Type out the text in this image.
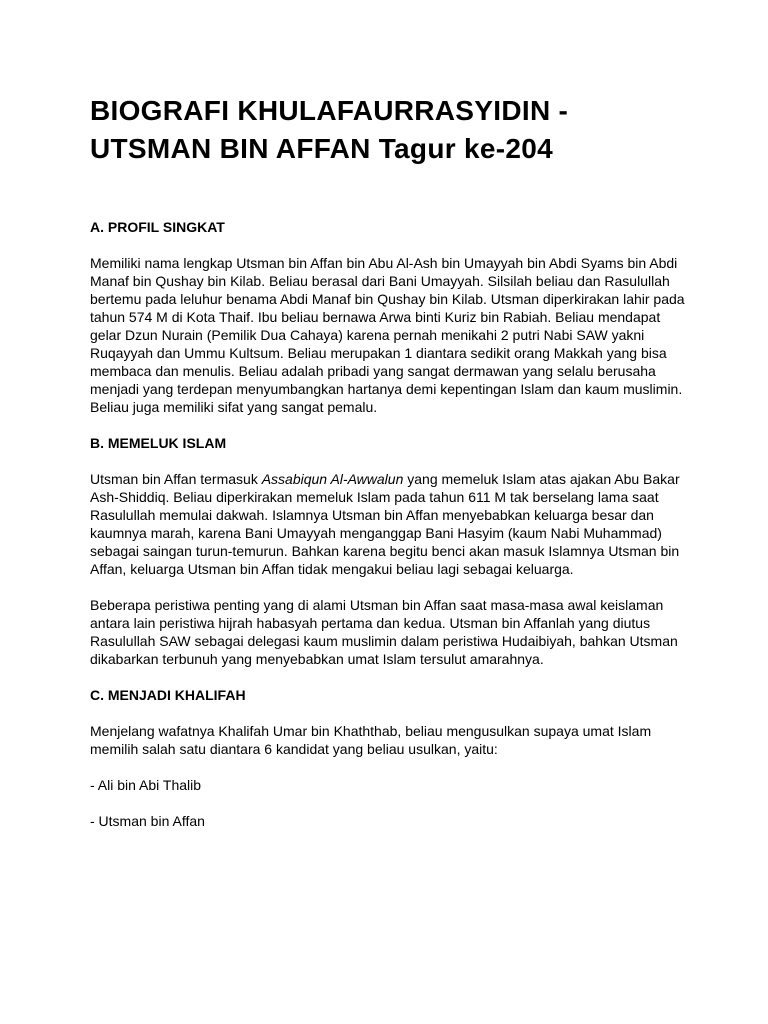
BIOGRAFI KHULAFAURRASYIDIN - UTSMAN BIN AFFAN Tagur ke-204
A. PROFIL SINGKAT

Memiliki nama lengkap Utsman bin Affan bin Abu Al-Ash bin Umayyah bin Abdi Syams bin Abdi Manaf bin Qushay bin Kilab. Beliau berasal dari Bani Umayyah. Silsilah beliau dan Rasulullah bertemu pada leluhur benama Abdi Manaf bin Qushay bin Kilab. Utsman diperkirakan lahir pada tahun 574 M di Kota Thaif. Ibu beliau bernawa Arwa binti Kuriz bin Rabiah. Beliau mendapat gelar Dzun Nurain (Pemilik Dua Cahaya) karena pernah menikahi 2 putri Nabi SAW yakni Ruqayyah dan Ummu Kultsum. Beliau merupakan 1 diantara sedikit orang Makkah yang bisa membaca dan menulis. Beliau adalah pribadi yang sangat dermawan yang selalu berusaha menjadi yang terdepan menyumbangkan hartanya demi kepentingan Islam dan kaum muslimin. Beliau juga memiliki sifat yang sangat pemalu.

B. MEMELUK ISLAM

Utsman bin Affan termasuk Assabiqun Al-Awwalun yang memeluk Islam atas ajakan Abu Bakar Ash-Shiddiq. Beliau diperkirakan memeluk Islam pada tahun 611 M tak berselang lama saat Rasulullah memulai dakwah. Islamnya Utsman bin Affan menyebabkan keluarga besar dan kaumnya marah, karena Bani Umayyah menganggap Bani Hasyim (kaum Nabi Muhammad) sebagai saingan turun-temurun. Bahkan karena begitu benci akan masuk Islamnya Utsman bin Affan, keluarga Utsman bin Affan tidak mengakui beliau lagi sebagai keluarga.

Beberapa peristiwa penting yang di alami Utsman bin Affan saat masa-masa awal keislaman antara lain peristiwa hijrah habasyah pertama dan kedua. Utsman bin Affanlah yang diutus Rasulullah SAW sebagai delegasi kaum muslimin dalam peristiwa Hudaibiyah, bahkan Utsman dikabarkan terbunuh yang menyebabkan umat Islam tersulut amarahnya.

C. MENJADI KHALIFAH

Menjelang wafatnya Khalifah Umar bin Khaththab, beliau mengusulkan supaya umat Islam memilih salah satu diantara 6 kandidat yang beliau usulkan, yaitu:

- Ali bin Abi Thalib

- Utsman bin Affan
